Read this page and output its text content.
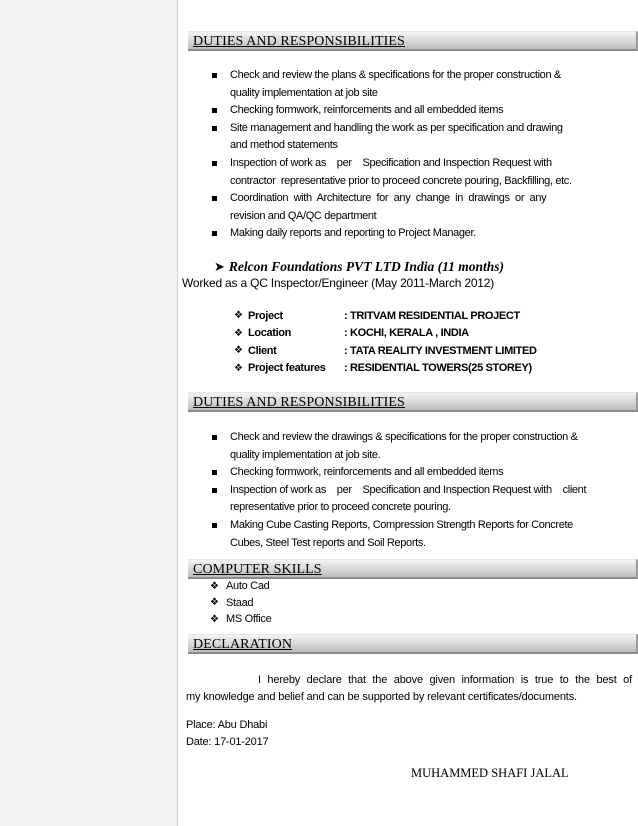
DUTIES AND RESPONSIBILITIES
Check and review the plans & specifications for the proper construction &
quality implementation at job site
Checking formwork, reinforcements and all embedded items
Site management and handling the work as per specification and drawing
and method statements
Inspection of work as    per    Specification and Inspection Request with
contractor  representative prior to proceed concrete pouring, Backfilling, etc.
Coordination  with  Architecture  for  any  change  in  drawings  or  any
revision and QA/QC department
Making daily reports and reporting to Project Manager.
➤ Relcon Foundations PVT LTD India (11 months)
Worked as a QC Inspector/Engineer (May 2011-March 2012)
❖ Project	: TRITVAM RESIDENTIAL PROJECT
❖ Location	: KOCHI, KERALA , INDIA
❖ Client	: TATA REALITY INVESTMENT LIMITED
❖ Project features	: RESIDENTIAL TOWERS(25 STOREY)
DUTIES AND RESPONSIBILITIES
Check and review the drawings & specifications for the proper construction &
quality implementation at job site.
Checking formwork, reinforcements and all embedded items
Inspection of work as    per    Specification and Inspection Request with    client
representative prior to proceed concrete pouring.
Making Cube Casting Reports, Compression Strength Reports for Concrete
Cubes, Steel Test reports and Soil Reports.
COMPUTER SKILLS
❖ Auto Cad
❖ Staad
❖ MS Office
DECLARATION
I hereby declare that the above given information is true to the best of
my knowledge and belief and can be supported by relevant certificates/documents.
Place: Abu Dhabi
Date: 17-01-2017
MUHAMMED SHAFI JALAL
